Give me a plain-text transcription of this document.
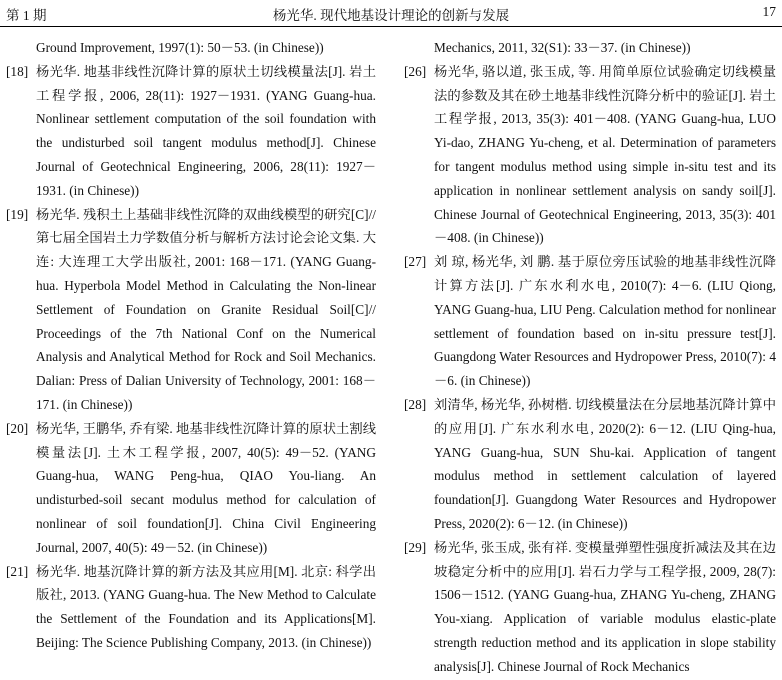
第 1 期	杨光华. 现代地基设计理论的创新与发展	17
Ground Improvement, 1997(1): 50－53. (in Chinese))
[18] 杨光华. 地基非线性沉降计算的原状土切线模量法[J]. 岩土工程学报, 2006, 28(11): 1927－1931. (YANG Guang-hua. Nonlinear settlement computation of the soil foundation with the undisturbed soil tangent modulus method[J]. Chinese Journal of Geotechnical Engineering, 2006, 28(11): 1927－1931. (in Chinese))
[19] 杨光华. 残积土上基础非线性沉降的双曲线模型的研究[C]// 第七届全国岩土力学数值分析与解析方法讨论会论文集. 大连: 大连理工大学出版社, 2001: 168－171. (YANG Guang-hua. Hyperbola Model Method in Calculating the Non-linear Settlement of Foundation on Granite Residual Soil[C]// Proceedings of the 7th National Conf on the Numerical Analysis and Analytical Method for Rock and Soil Mechanics. Dalian: Press of Dalian University of Technology, 2001: 168－171. (in Chinese))
[20] 杨光华, 王鹏华, 乔有梁. 地基非线性沉降计算的原状土割线模量法[J]. 土木工程学报, 2007, 40(5): 49－52. (YANG Guang-hua, WANG Peng-hua, QIAO You-liang. An undisturbed-soil secant modulus method for calculation of nonlinear of soil foundation[J]. China Civil Engineering Journal, 2007, 40(5): 49－52. (in Chinese))
[21] 杨光华. 地基沉降计算的新方法及其应用[M]. 北京: 科学出版社, 2013. (YANG Guang-hua. The New Method to Calculate the Settlement of the Foundation and its Applications[M]. Beijing: The Science Publishing Company, 2013. (in Chinese))
Mechanics, 2011, 32(S1): 33－37. (in Chinese))
[26] 杨光华, 骆以道, 张玉成, 等. 用简单原位试验确定切线模量法的参数及其在砂土地基非线性沉降分析中的验证[J]. 岩土工程学报, 2013, 35(3): 401－408. (YANG Guang-hua, LUO Yi-dao, ZHANG Yu-cheng, et al. Determination of parameters for tangent modulus method using simple in-situ test and its application in nonlinear settlement analysis on sandy soil[J]. Chinese Journal of Geotechnical Engineering, 2013, 35(3): 401－408. (in Chinese))
[27] 刘 琼, 杨光华, 刘 鹏. 基于原位旁压试验的地基非线性沉降计算方法[J]. 广东水利水电, 2010(7): 4－6. (LIU Qiong, YANG Guang-hua, LIU Peng. Calculation method for nonlinear settlement of foundation based on in-situ pressure test[J]. Guangdong Water Resources and Hydropower Press, 2010(7): 4－6. (in Chinese))
[28] 刘清华, 杨光华, 孙树楷. 切线模量法在分层地基沉降计算中的应用[J]. 广东水利水电, 2020(2): 6－12. (LIU Qing-hua, YANG Guang-hua, SUN Shu-kai. Application of tangent modulus method in settlement calculation of layered foundation[J]. Guangdong Water Resources and Hydropower Press, 2020(2): 6－12. (in Chinese))
[29] 杨光华, 张玉成, 张有祥. 变模量弹塑性强度折减法及其在边坡稳定分析中的应用[J]. 岩石力学与工程学报, 2009, 28(7): 1506－1512. (YANG Guang-hua, ZHANG Yu-cheng, ZHANG You-xiang. Application of variable modulus elastic-plate strength reduction method and its application in slope stability analysis[J]. Chinese Journal of Rock Mechanics
